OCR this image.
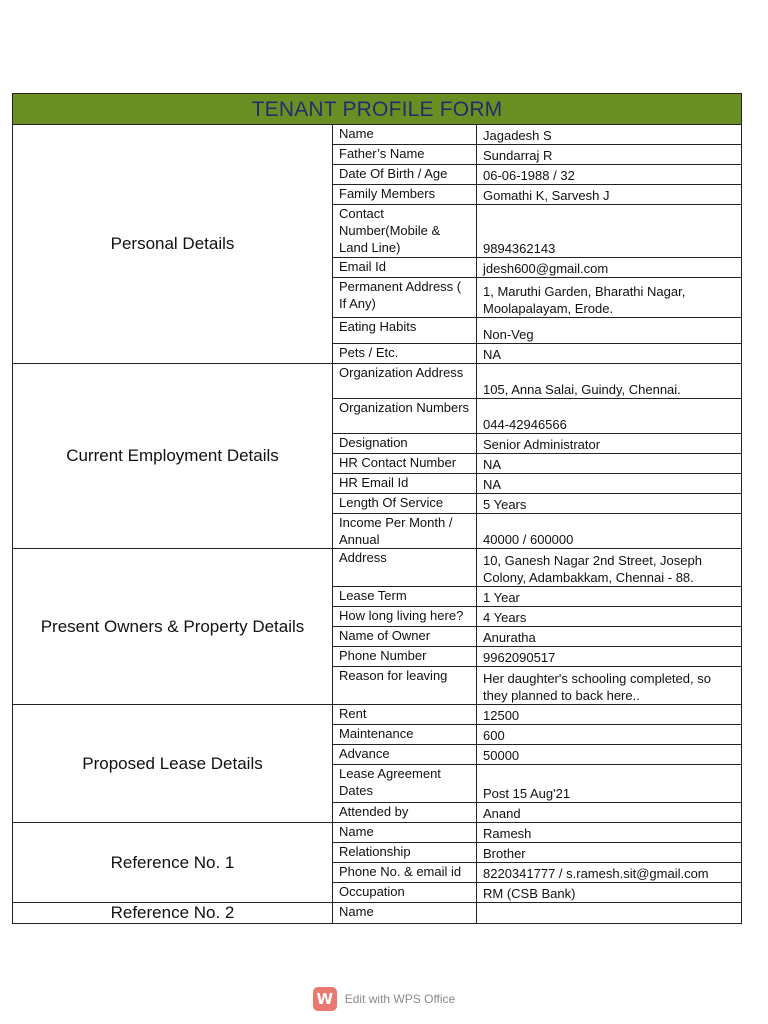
TENANT PROFILE FORM		
Personal Details	Name	Jagadesh S
	Father’s Name	Sundarraj R
	Date Of Birth / Age	06-06-1988 / 32
	Family Members	Gomathi K, Sarvesh J
	Contact Number(Mobile & Land Line)	9894362143
	Email Id	jdesh600@gmail.com
	Permanent Address ( If Any)	1, Maruthi Garden, Bharathi Nagar, Moolapalayam, Erode.
	Eating Habits	Non-Veg
	Pets / Etc.	NA
Current Employment Details	Organization Address	105, Anna Salai, Guindy, Chennai.
	Organization Numbers	044-42946566
	Designation	Senior Administrator
	HR Contact Number	NA
	HR Email Id	NA
	Length Of Service	5 Years
	Income Per Month / Annual	40000 / 600000
Present Owners & Property Details	Address	10, Ganesh Nagar 2nd Street, Joseph Colony, Adambakkam, Chennai - 88.
	Lease Term	1 Year
	How long living here?	4 Years
	Name of Owner	Anuratha
	Phone Number	9962090517
	Reason for leaving	Her daughter's schooling completed, so they planned to back here..
Proposed Lease Details	Rent	12500
	Maintenance	600
	Advance	50000
	Lease Agreement Dates	Post 15 Aug'21
	Attended by	Anand
Reference No. 1	Name	Ramesh
	Relationship	Brother
	Phone No. & email id	8220341777 / s.ramesh.sit@gmail.com
	Occupation	RM (CSB Bank)
Reference No. 2	Name	
W Edit with WPS Office
